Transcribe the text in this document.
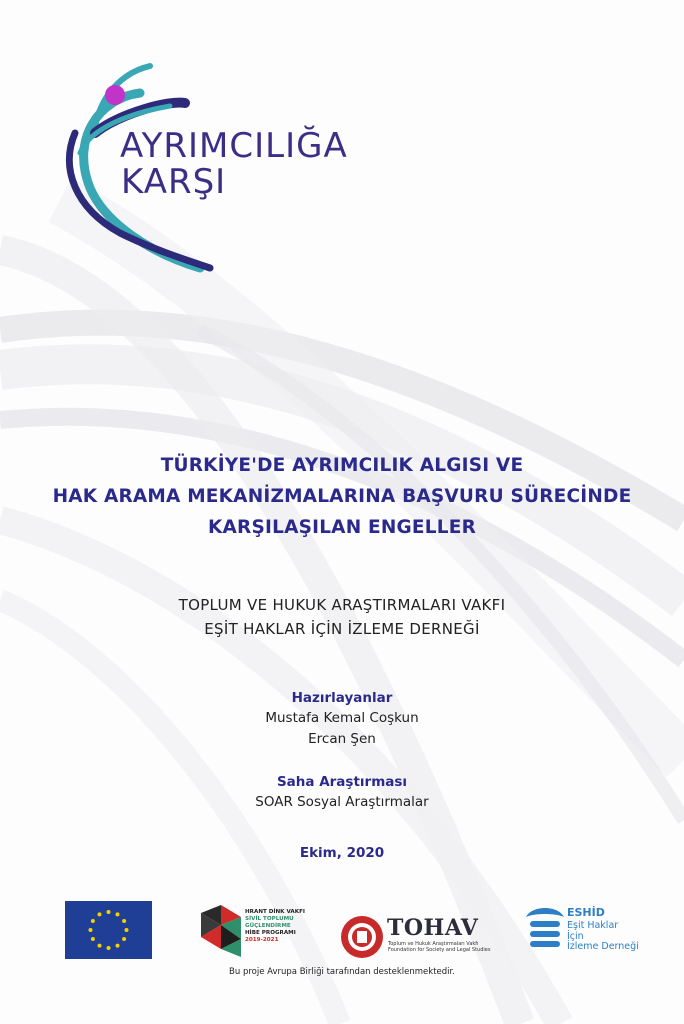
AYRIMCILIĞA
KARŞI
TÜRKİYE'DE AYRIMCILIK ALGISI VE
HAK ARAMA MEKANİZMALARINA BAŞVURU SÜRECİNDE
KARŞILAŞILAN ENGELLER
TOPLUM VE HUKUK ARAŞTIRMALARI VAKFI
EŞİT HAKLAR İÇİN İZLEME DERNEĞİ
Hazırlayanlar
Mustafa Kemal Coşkun
Ercan Şen
Saha Araştırması
SOAR Sosyal Araştırmalar
Ekim, 2020
HRANT DİNK VAKFI
SİVİL TOPLUMU
GÜÇLENDİRME
HİBE PROGRAMI
2019-2021	TOHAV
Toplum ve Hukuk Araştırmaları Vakfı
Foundation for Society and Legal Studies
ESHİD
Eşit Haklar
İçin
İzleme Derneği
Bu proje Avrupa Birliği tarafından desteklenmektedir.
